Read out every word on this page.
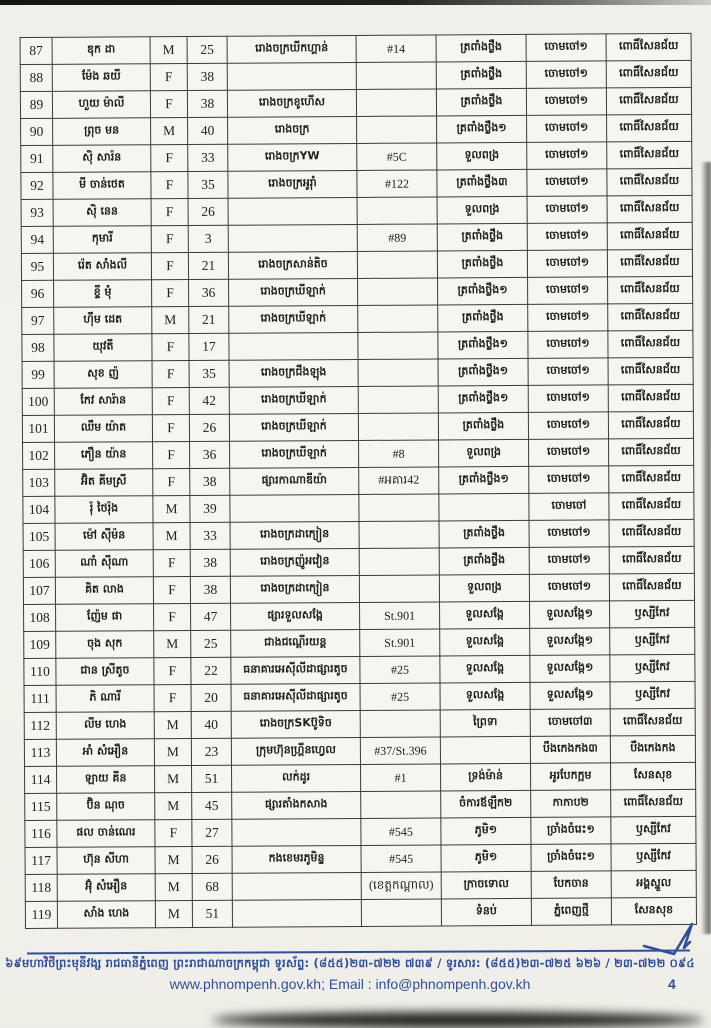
87	ឌុក ដា	M	25	រោងចក្រឃីកហ្គាន់	#14	ត្រពាំងថ្លឹង	ចោមចៅ១	ពោធិ៍សែនជ័យ
88	ម៉ែង ឆយី	F	38			ត្រពាំងថ្លឹង	ចោមចៅ១	ពោធិ៍សែនជ័យ
89	ហួយ ម៉ាលី	F	38	រោងចក្រខូហើស		ត្រពាំងថ្លឹង	ចោមចៅ១	ពោធិ៍សែនជ័យ
90	ព្រុច មន	M	40	រោងចក្រ		ត្រពាំងថ្លឹង១	ចោមចៅ១	ពោធិ៍សែនជ័យ
91	ស៊ិ សារ៉ន	F	33	រោងចក្រYW	#5C	ទួលពង្រ	ចោមចៅ១	ពោធិ៍សែនជ័យ
92	មី ចាន់ថេត	F	35	រោងចក្រអូរ៉ាំ	#122	ត្រពាំងថ្លឹង៣	ចោមចៅ១	ពោធិ៍សែនជ័យ
93	ស៊ិ នេន	F	26			ទួលពង្រ	ចោមចៅ១	ពោធិ៍សែនជ័យ
94	កុមារី	F	3		#89	ត្រពាំងថ្លឹង	ចោមចៅ១	ពោធិ៍សែនជ័យ
95	រ៉េត សាំងលី	F	21	រោងចក្រសាន់តិច		ត្រពាំងថ្លឹង	ចោមចៅ១	ពោធិ៍សែនជ័យ
96	ខ្ទី មុំ	F	36	រោងចក្រឃីឡាក់		ត្រពាំងថ្លឹង១	ចោមចៅ១	ពោធិ៍សែនជ័យ
97	ហ៊ឹម ដេត	M	21	រោងចក្រឃីឡាក់		ត្រពាំងថ្លឹង	ចោមចៅ១	ពោធិ៍សែនជ័យ
98	យុវតី	F	17			ត្រពាំងថ្លឹង១	ចោមចៅ១	ពោធិ៍សែនជ័យ
99	សុខ ញ៉	F	35	រោងចក្រជឹងឡុង		ត្រពាំងថ្លឹង១	ចោមចៅ១	ពោធិ៍សែនជ័យ
100	កែវ សារ៉ាន	F	42	រោងចក្រឃីឡាក់		ត្រពាំងថ្លឹង១	ចោមចៅ១	ពោធិ៍សែនជ័យ
101	ឈឹម យ៉ាត	F	26	រោងចក្រឃីឡាក់		ត្រពាំងថ្លឹង	ចោមចៅ១	ពោធិ៍សែនជ័យ
102	ភឿន យ៉ាន	F	36	រោងចក្រឃីឡាក់	#8	ទួលពង្រ	ចោមចៅ១	ពោធិ៍សែនជ័យ
103	អ៊ិត គីមស្រី	F	38	ផ្សារកាណាឌីយ៉ា	#អគារ42	ត្រពាំងថ្លឹង១	ចោមចៅ១	ពោធិ៍សែនជ័យ
104	រ៉ុ ថៃរ៉ុង	M	39				ចោមចៅ	ពោធិ៍សែនជ័យ
105	ម៉ៅ ស៊ីម៉ន	M	33	រោងចក្រដាក្យៀន		ត្រពាំងថ្លឹង	ចោមចៅ១	ពោធិ៍សែនជ័យ
106	ណាំ ស៊ីណា	F	38	រោងចក្រញ៉ូអវៀន		ត្រពាំងថ្លឹង	ចោមចៅ១	ពោធិ៍សែនជ័យ
107	គិត លាង	F	38	រោងចក្រដាក្យៀន		ទួលពង្រ	ចោមចៅ១	ពោធិ៍សែនជ័យ
108	ញ៉ែម ផា	F	47	ផ្សារទួលសង្កែ	St.901	ទួលសង្កែ	ទួលសង្កែ១	ឫស្សីកែវ
109	ចុង សុក	M	25	ជាងជណ្ដើរយន្ត	St.901	ទួលសង្កែ	ទួលសង្កែ១	ឫស្សីកែវ
110	ជាន ស្រីតូច	F	22	ធនាគារអេស៊ីលីដាផ្សារតូច	#25	ទួលសង្កែ	ទួលសង្កែ១	ឫស្សីកែវ
111	ភិ ណារី	F	20	ធនាគារអេស៊ីលីដាផ្សារតូច	#25	ទួលសង្កែ	ទួលសង្កែ១	ឫស្សីកែវ
112	លីម ហេង	M	40	រោងចក្រSKប៊ូទិច		ព្រៃទា	ចោមចៅ៣	ពោធិ៍សែនជ័យ
113	អាំ សំអឿន	M	23	ក្រុមហ៊ុនហ្គ្រីនហ្វេល	#37/St.396		បឹងកេងកង៣	បឹងកេងកង
114	ឡាយ គីន	M	51	លក់ដូរ	#1	ទ្រង់ម៉ាន់	អូរបែកក្អម	សែនសុខ
115	ប៊ិន ណុច	M	45	ផ្សារតាំងកសាង		ចំការឪឡឹក២	កាកាប២	ពោធិ៍សែនជ័យ
116	ផល ចាន់ណេរ	F	27		#545	ភូមិ១	ច្រាំងចំរេះ១	ឫស្សីកែវ
117	ហ៊ុន សីហា	M	26	កងខេមរភូមិន្ទ	#545	ភូមិ១	ច្រាំងចំរេះ១	ឫស្សីកែវ
118	អ៊ុំ សំអឿន	M	68		(ខេត្តកណ្តាល)	ក្រាចទោល	បែកចាន	អង្គស្នួល
119	សាំង ហេង	M	51			ទំនប់	ភ្នំពេញថ្មី	សែនសុខ
៦៩មហាវិថីព្រះមុនីវង្ស រាជធានីភ្នំពេញ ព្រះរាជាណាចក្រកម្ពុជា ទូរស័ព្ទ: (៨៥៥)២៣-៧២២ ៧៣៩ / ទូរសារ: (៨៥៥)២៣-៧២៥ ៦២៦ / ២៣-៧២២ ០៩៤
www.phnompenh.gov.kh; Email : info@phnompenh.gov.kh	4
